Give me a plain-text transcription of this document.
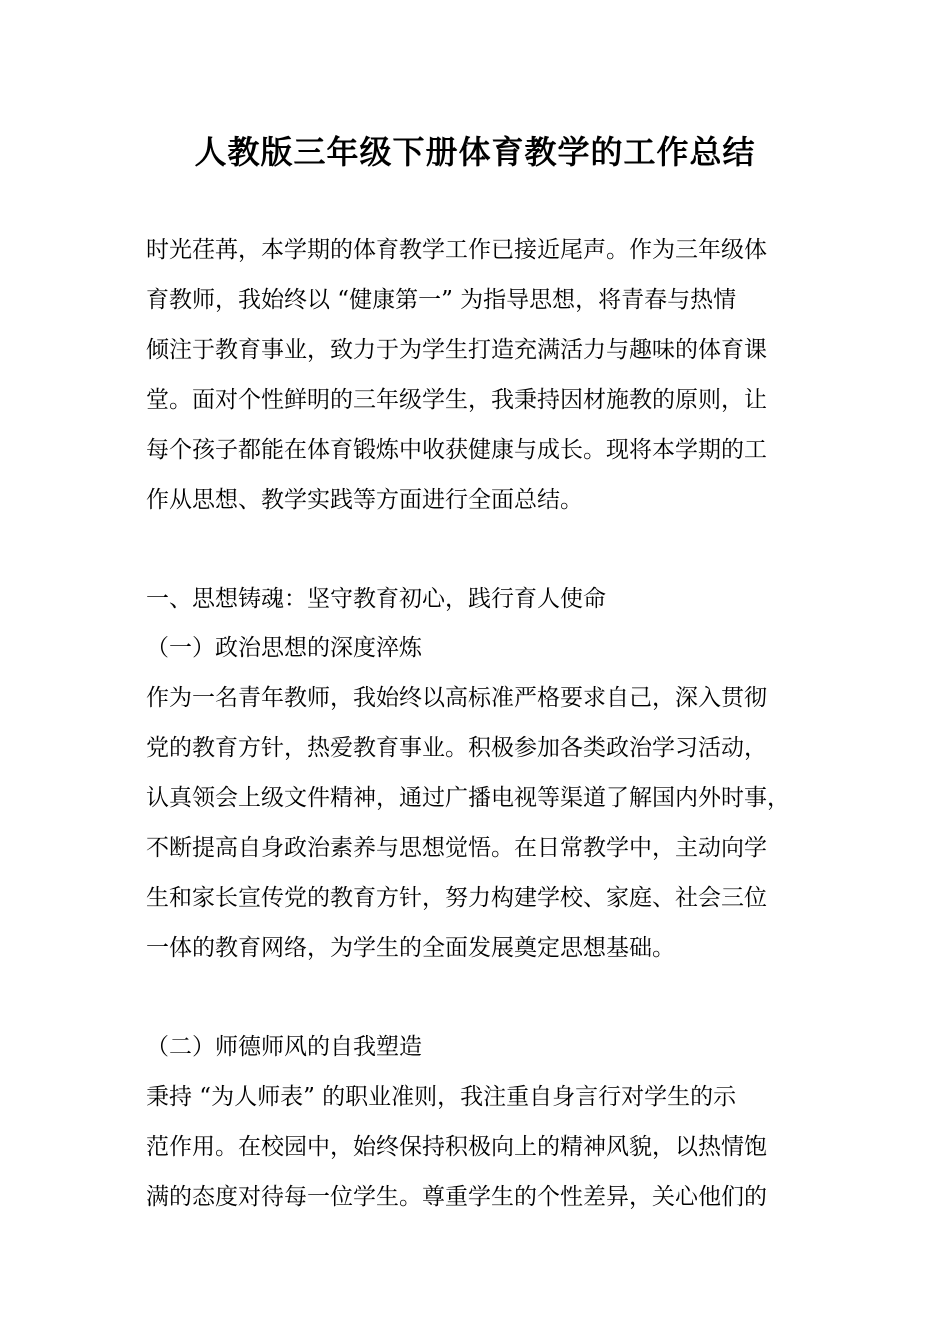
人教版三年级下册体育教学的工作总结
时光荏苒，本学期的体育教学工作已接近尾声。作为三年级体
育教师，我始终以 “健康第一” 为指导思想，将青春与热情
倾注于教育事业，致力于为学生打造充满活力与趣味的体育课
堂。面对个性鲜明的三年级学生，我秉持因材施教的原则，让
每个孩子都能在体育锻炼中收获健康与成长。现将本学期的工
作从思想、教学实践等方面进行全面总结。
一、思想铸魂：坚守教育初心，践行育人使命
（一）政治思想的深度淬炼
作为一名青年教师，我始终以高标准严格要求自己，深入贯彻
党的教育方针，热爱教育事业。积极参加各类政治学习活动，
认真领会上级文件精神，通过广播电视等渠道了解国内外时事，
不断提高自身政治素养与思想觉悟。在日常教学中，主动向学
生和家长宣传党的教育方针，努力构建学校、家庭、社会三位
一体的教育网络，为学生的全面发展奠定思想基础。
（二）师德师风的自我塑造
秉持 “为人师表” 的职业准则，我注重自身言行对学生的示
范作用。在校园中，始终保持积极向上的精神风貌，以热情饱
满的态度对待每一位学生。尊重学生的个性差异，关心他们的
